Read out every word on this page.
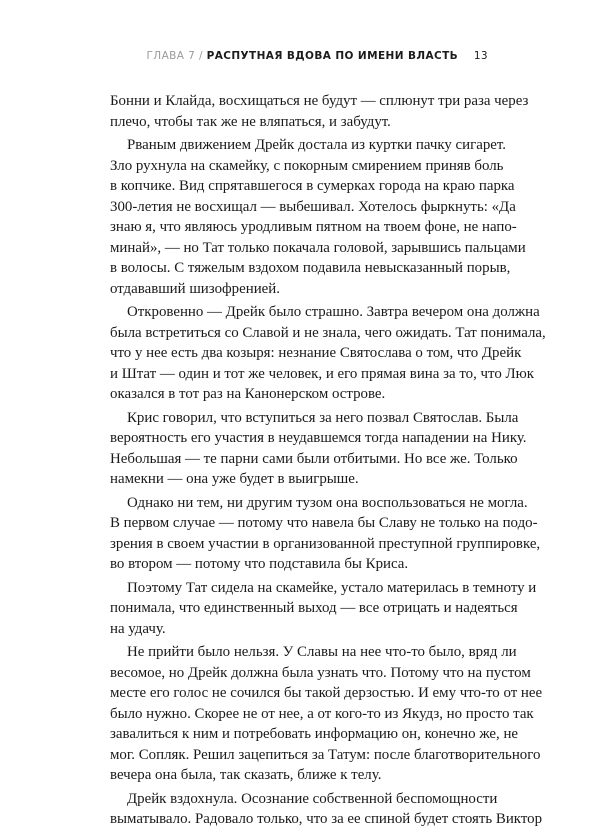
ГЛАВА 7 / РАСПУТНАЯ ВДОВА ПО ИМЕНИ ВЛАСТЬ 13
Бонни и Клайда, восхищаться не будут — сплюнут три раза через
плечо, чтобы так же не вляпаться, и забудут.
Рваным движением Дрейк достала из куртки пачку сигарет.
Зло рухнула на скамейку, с покорным смирением приняв боль
в копчике. Вид спрятавшегося в сумерках города на краю парка
300-летия не восхищал — выбешивал. Хотелось фыркнуть: «Да
знаю я, что являюсь уродливым пятном на твоем фоне, не напо-
минай», — но Тат только покачала головой, зарывшись пальцами
в волосы. С тяжелым вздохом подавила невысказанный порыв,
отдававший шизофренией.
Откровенно — Дрейк было страшно. Завтра вечером она должна
была встретиться со Славой и не знала, чего ожидать. Тат понимала,
что у нее есть два козыря: незнание Святослава о том, что Дрейк
и Штат — один и тот же человек, и его прямая вина за то, что Люк
оказался в тот раз на Канонерском острове.
Крис говорил, что вступиться за него позвал Святослав. Была
вероятность его участия в неудавшемся тогда нападении на Нику.
Небольшая — те парни сами были отбитыми. Но все же. Только
намекни — она уже будет в выигрыше.
Однако ни тем, ни другим тузом она воспользоваться не могла.
В первом случае — потому что навела бы Славу не только на подо-
зрения в своем участии в организованной преступной группировке,
во втором — потому что подставила бы Криса.
Поэтому Тат сидела на скамейке, устало материлась в темноту и
понимала, что единственный выход — все отрицать и надеяться
на удачу.
Не прийти было нельзя. У Славы на нее что-то было, вряд ли
весомое, но Дрейк должна была узнать что. Потому что на пустом
месте его голос не сочился бы такой дерзостью. И ему что-то от нее
было нужно. Скорее не от нее, а от кого-то из Якудз, но просто так
завалиться к ним и потребовать информацию он, конечно же, не
мог. Сопляк. Решил зацепиться за Татум: после благотворительного
вечера она была, так сказать, ближе к телу.
Дрейк вздохнула. Осознание собственной беспомощности
выматывало. Радовало только, что за ее спиной будет стоять Виктор
